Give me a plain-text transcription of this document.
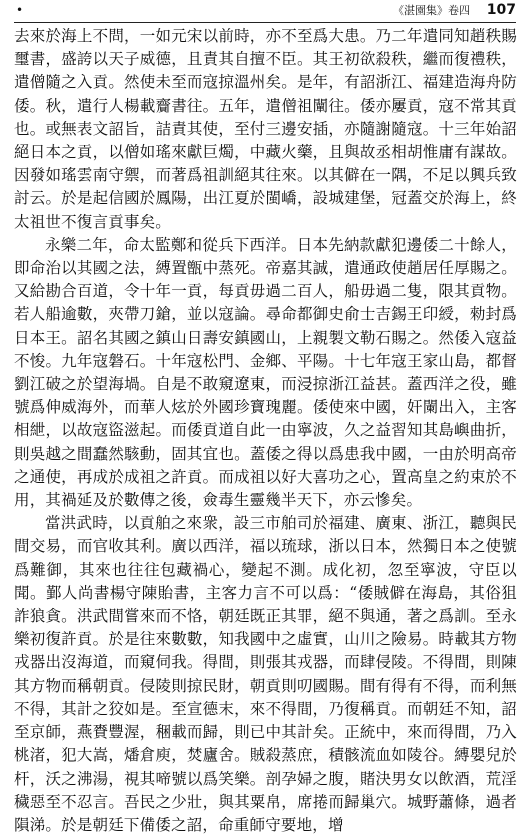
•	《湛園集》卷四 107

去來於海上不問，一如元宋以前時，亦不至爲大患。乃二年遣同知趙秩賜璽書，盛誇以天子威德，且責其自擅不臣。其王初欲殺秩，繼而復禮秩，遣僧隨之入貢。然使未至而寇掠溫州矣。是年，有詔浙江、福建造海舟防倭。秋，遣行人楊載齎書往。五年，遣僧祖闡往。倭亦屢貢，寇不常其貢也。或無表文詔旨，詰責其使，至付三邊安插，亦隨謝隨寇。十三年始詔絕日本之貢，以僧如瑤來獻巨燭，中藏火藥，且與故丞相胡惟庸有謀故。因發如瑤雲南守禦，而著爲祖訓絕其往來。以其僻在一隅，不足以興兵致討云。於是起信國於鳳陽，出江夏於閩嶠，設城建堡，冠蓋交於海上，終太祖世不復言貢事矣。

永樂二年，命太監鄭和從兵下西洋。日本先納款獻犯邊倭二十餘人，即命治以其國之法，縛置甑中蒸死。帝嘉其誠，遣通政使趙居任厚賜之。又給勘合百道，令十年一貢，每貢毋過二百人，船毋過二隻，限其貢物。若人船逾數，夾帶刀鎗，並以寇論。尋命都御史俞士吉錫王印綬，勑封爲日本王。詔名其國之鎮山日壽安鎮國山，上親製文勒石賜之。然倭入寇益不悛。九年寇磐石。十年寇松門、金鄉、平陽。十七年寇王家山島，都督劉江破之於望海堝。自是不敢窺遼東，而浸掠浙江益甚。蓋西洋之役，雖號爲伸威海外，而華人炫於外國珍寶瑰麗。倭使來中國，奸闌出入，主客相紲，以故寇盜滋起。而倭貢道自此一由寧波，久之益習知其島嶼曲折，則吳越之間蠢然駭動，固其宜也。蓋倭之得以爲患我中國，一由於明高帝之通使，再成於成祖之許貢。而成祖以好大喜功之心，置高皇之約束於不用，其禍延及於數傳之後，僉毒生靈幾半天下，亦云慘矣。

當洪武時，以貢舶之來衆，設三市舶司於福建、廣東、浙江，聽與民間交易，而官收其利。廣以西洋，福以琉球，浙以日本，然獨日本之使號爲難御，其來也往往包藏禍心，變起不測。成化初，忽至寧波，守臣以聞。鄞人尚書楊守陳貽書，主客力言不可以爲：“倭賊僻在海島，其俗狙詐狼貪。洪武間嘗來而不恪，朝廷既正其罪，絕不與通，著之爲訓。至永樂初復許貢。於是往來數數，知我國中之虛實，山川之險易。時載其方物戎器出沒海道，而窺伺我。得間，則張其戎器，而肆侵陵。不得間，則陳其方物而稱朝貢。侵陵則掠民財，朝貢則叨國賜。間有得有不得，而利無不得，其計之狡如是。至宣德末，來不得間，乃復稱貢。而朝廷不知，詔至京師，燕賚豐渥，稇載而歸，則已中其計矣。正統中，來而得間，乃入桃渚，犯大嵩，燔倉庾，焚廬舍。賊殺蒸庶，積骸流血如陵谷。縛嬰兒於杆，沃之沸湯，視其啼號以爲笑樂。剖孕婦之腹，賭決男女以飲酒，荒淫穢惡至不忍言。吾民之少壯，與其粟帛，席捲而歸巢穴。城野蕭條，過者隕涕。於是朝廷下備倭之詔，命重師守要地，增
